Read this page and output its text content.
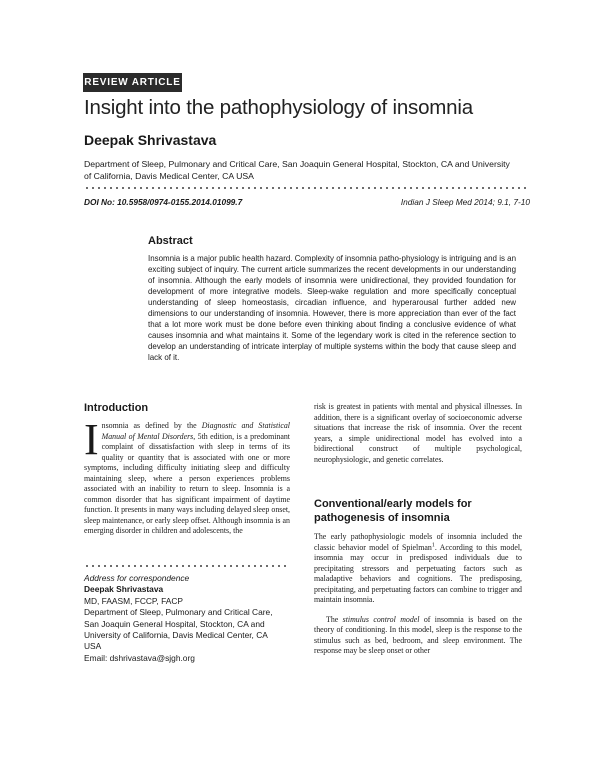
REVIEW ARTICLE
Insight into the pathophysiology of insomnia
Deepak Shrivastava
Department of Sleep, Pulmonary and Critical Care, San Joaquin General Hospital, Stockton, CA and University of California, Davis Medical Center, CA USA
DOI No: 10.5958/0974-0155.2014.01099.7	Indian J Sleep Med 2014; 9.1, 7-10
Abstract
Insomnia is a major public health hazard. Complexity of insomnia patho-physiology is intriguing and is an exciting subject of inquiry. The current article summarizes the recent developments in our understanding of insomnia. Although the early models of insomnia were unidirectional, they provided foundation for development of more integrative models. Sleep-wake regulation and more specifically conceptual understanding of sleep homeostasis, circadian influence, and hyperarousal further added new dimensions to our understanding of insomnia. However, there is more appreciation than ever of the fact that a lot more work must be done before even thinking about finding a conclusive evidence of what causes insomnia and what maintains it. Some of the legendary work is cited in the reference section to develop an understanding of intricate interplay of multiple systems within the body that cause sleep and lack of it.
Introduction
Insomnia as defined by the Diagnostic and Statistical Manual of Mental Disorders, 5th edition, is a predominant complaint of dissatisfaction with sleep in terms of its quality or quantity that is associated with one or more symptoms, including difficulty initiating sleep and difficulty maintaining sleep, where a person experiences problems associated with an inability to return to sleep. Insomnia is a common disorder that has significant impairment of daytime function. It presents in many ways including delayed sleep onset, sleep maintenance, or early sleep offset. Although insomnia is an emerging disorder in children and adolescents, the
Address for correspondence
Deepak Shrivastava
MD, FAASM, FCCP, FACP
Department of Sleep, Pulmonary and Critical Care,
San Joaquin General Hospital, Stockton, CA and
University of California, Davis Medical Center, CA
USA
Email: dshrivastava@sjgh.org

risk is greatest in patients with mental and physical illnesses. In addition, there is a significant overlay of socioeconomic adverse situations that increase the risk of insomnia. Over the recent years, a simple unidirectional model has evolved into a bidirectional construct of multiple psychological, neurophysiologic, and genetic correlates.

Conventional/early models for pathogenesis of insomnia

The early pathophysiologic models of insomnia included the classic behavior model of Spielman$^1$. According to this model, insomnia may occur in predisposed individuals due to precipitating stressors and perpetuating factors such as maladaptive behaviors and cognitions. The predisposing, precipitating, and perpetuating factors can combine to trigger and maintain insomnia.

The stimulus control model of insomnia is based on the theory of conditioning. In this model, sleep is the response to the stimulus such as bed, bedroom, and sleep environment. The response may be sleep onset or other
